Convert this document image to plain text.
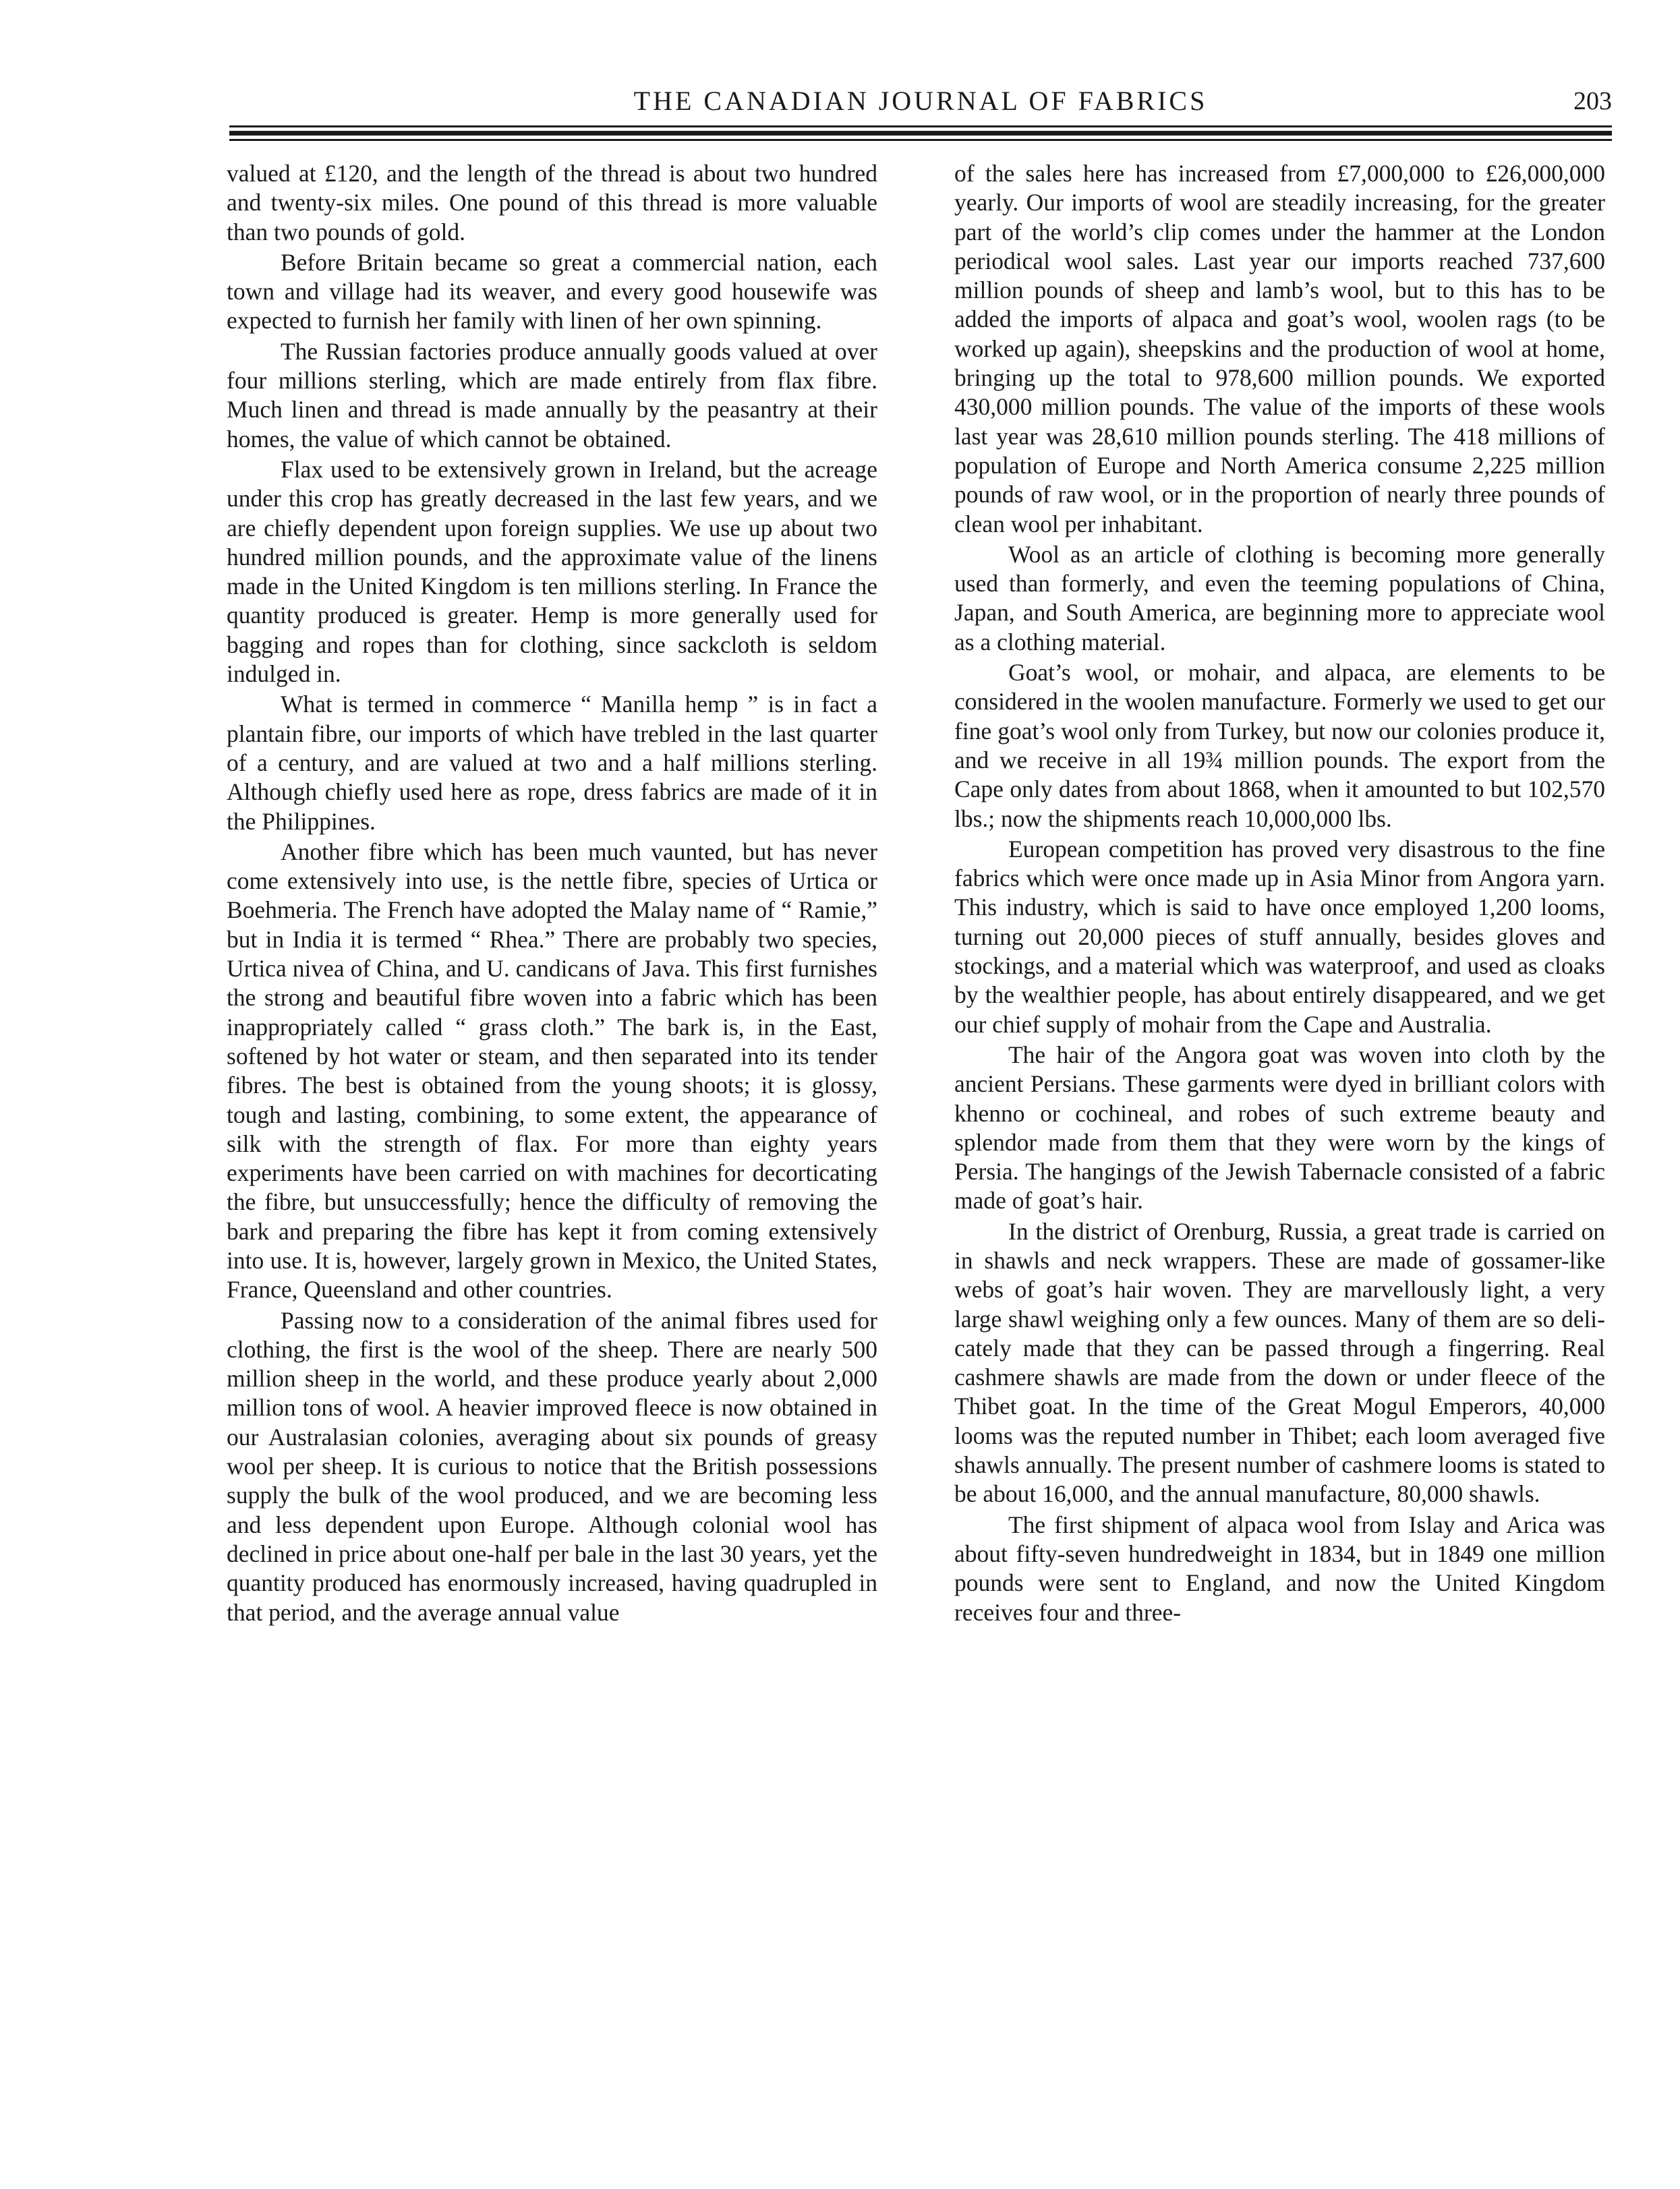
THE CANADIAN JOURNAL OF FABRICS	203

valued at £120, and the length of the thread is about two hundred and twenty-six miles. One pound of this thread is more valuable than two pounds of gold.

Before Britain became so great a commercial nation, each town and village had its weaver, and every good housewife was expected to furnish her family with linen of her own spinning.

The Russian factories produce annually goods valued at over four millions sterling, which are made entirely from flax fibre. Much linen and thread is made annually by the peasantry at their homes, the value of which cannot be obtained.

Flax used to be extensively grown in Ireland, but the acreage under this crop has greatly decreased in the last few years, and we are chiefly dependent upon foreign supplies. We use up about two hundred million pounds, and the approximate value of the linens made in the United Kingdom is ten millions sterling. In France the quantity produced is greater. Hemp is more generally used for bagging and ropes than for clothing, since sackcloth is seldom indulged in.

What is termed in commerce “ Manilla hemp ” is in fact a plantain fibre, our imports of which have trebled in the last quarter of a century, and are valued at two and a half millions sterling. Although chiefly used here as rope, dress fabrics are made of it in the Philippines.

Another fibre which has been much vaunted, but has never come extensively into use, is the nettle fibre, species of Urtica or Boehmeria. The French have adopted the Malay name of “ Ramie,” but in India it is termed “ Rhea.” There are probably two species, Urtica nivea of China, and U. candicans of Java. This first furnishes the strong and beautiful fibre woven into a fabric which has been inappropriately called “ grass cloth.” The bark is, in the East, softened by hot water or steam, and then separated into its tender fibres. The best is obtained from the young shoots; it is glossy, tough and lasting, combining, to some extent, the appearance of silk with the strength of flax. For more than eighty years experiments have been carried on with machines for decorticating the fibre, but unsuccessfully; hence the difficulty of removing the bark and preparing the fibre has kept it from coming extensively into use. It is, however, largely grown in Mexico, the United States, France, Queensland and other countries.

Passing now to a consideration of the animal fibres used for clothing, the first is the wool of the sheep. There are nearly 500 million sheep in the world, and these produce yearly about 2,000 million tons of wool. A heavier improved fleece is now obtained in our Australasian colonies, averaging about six pounds of greasy wool per sheep. It is curious to notice that the British possessions supply the bulk of the wool produced, and we are becoming less and less dependent upon Europe. Although colonial wool has declined in price about one-half per bale in the last 30 years, yet the quantity produced has enormously increased, having quadrupled in that period, and the average annual value

of the sales here has increased from £7,000,000 to £26,000,000 yearly. Our imports of wool are steadily increasing, for the greater part of the world’s clip comes under the hammer at the London periodical wool sales. Last year our imports reached 737,600 million pounds of sheep and lamb’s wool, but to this has to be added the imports of alpaca and goat’s wool, woolen rags (to be worked up again), sheepskins and the production of wool at home, bringing up the total to 978,600 million pounds. We exported 430,000 million pounds. The value of the imports of these wools last year was 28,610 million pounds sterling. The 418 millions of population of Europe and North America consume 2,225 million pounds of raw wool, or in the proportion of nearly three pounds of clean wool per inhabitant.

Wool as an article of clothing is becoming more generally used than formerly, and even the teeming populations of China, Japan, and South America, are beginning more to appreciate wool as a clothing material.

Goat’s wool, or mohair, and alpaca, are elements to be considered in the woolen manufacture. Formerly we used to get our fine goat’s wool only from Turkey, but now our colonies produce it, and we receive in all 19¾ million pounds. The export from the Cape only dates from about 1868, when it amounted to but 102,570 lbs.; now the shipments reach 10,000,000 lbs.

European competition has proved very disastrous to the fine fabrics which were once made up in Asia Minor from Angora yarn. This industry, which is said to have once employed 1,200 looms, turning out 20,000 pieces of stuff annually, besides gloves and stockings, and a material which was waterproof, and used as cloaks by the wealthier people, has about entirely disappeared, and we get our chief supply of mohair from the Cape and Australia.

The hair of the Angora goat was woven into cloth by the ancient Persians. These garments were dyed in brilliant colors with khenno or cochineal, and robes of such extreme beauty and splendor made from them that they were worn by the kings of Persia. The hangings of the Jewish Tabernacle consisted of a fabric made of goat’s hair.

In the district of Orenburg, Russia, a great trade is carried on in shawls and neck wrappers. These are made of gossamer-like webs of goat’s hair woven. They are marvellously light, a very large shawl weighing only a few ounces. Many of them are so delicately made that they can be passed through a fingerring. Real cashmere shawls are made from the down or under fleece of the Thibet goat. In the time of the Great Mogul Emperors, 40,000 looms was the reputed number in Thibet; each loom averaged five shawls annually. The present number of cashmere looms is stated to be about 16,000, and the annual manufacture, 80,000 shawls.

The first shipment of alpaca wool from Islay and Arica was about fifty-seven hundredweight in 1834, but in 1849 one million pounds were sent to England, and now the United Kingdom receives four and three-
